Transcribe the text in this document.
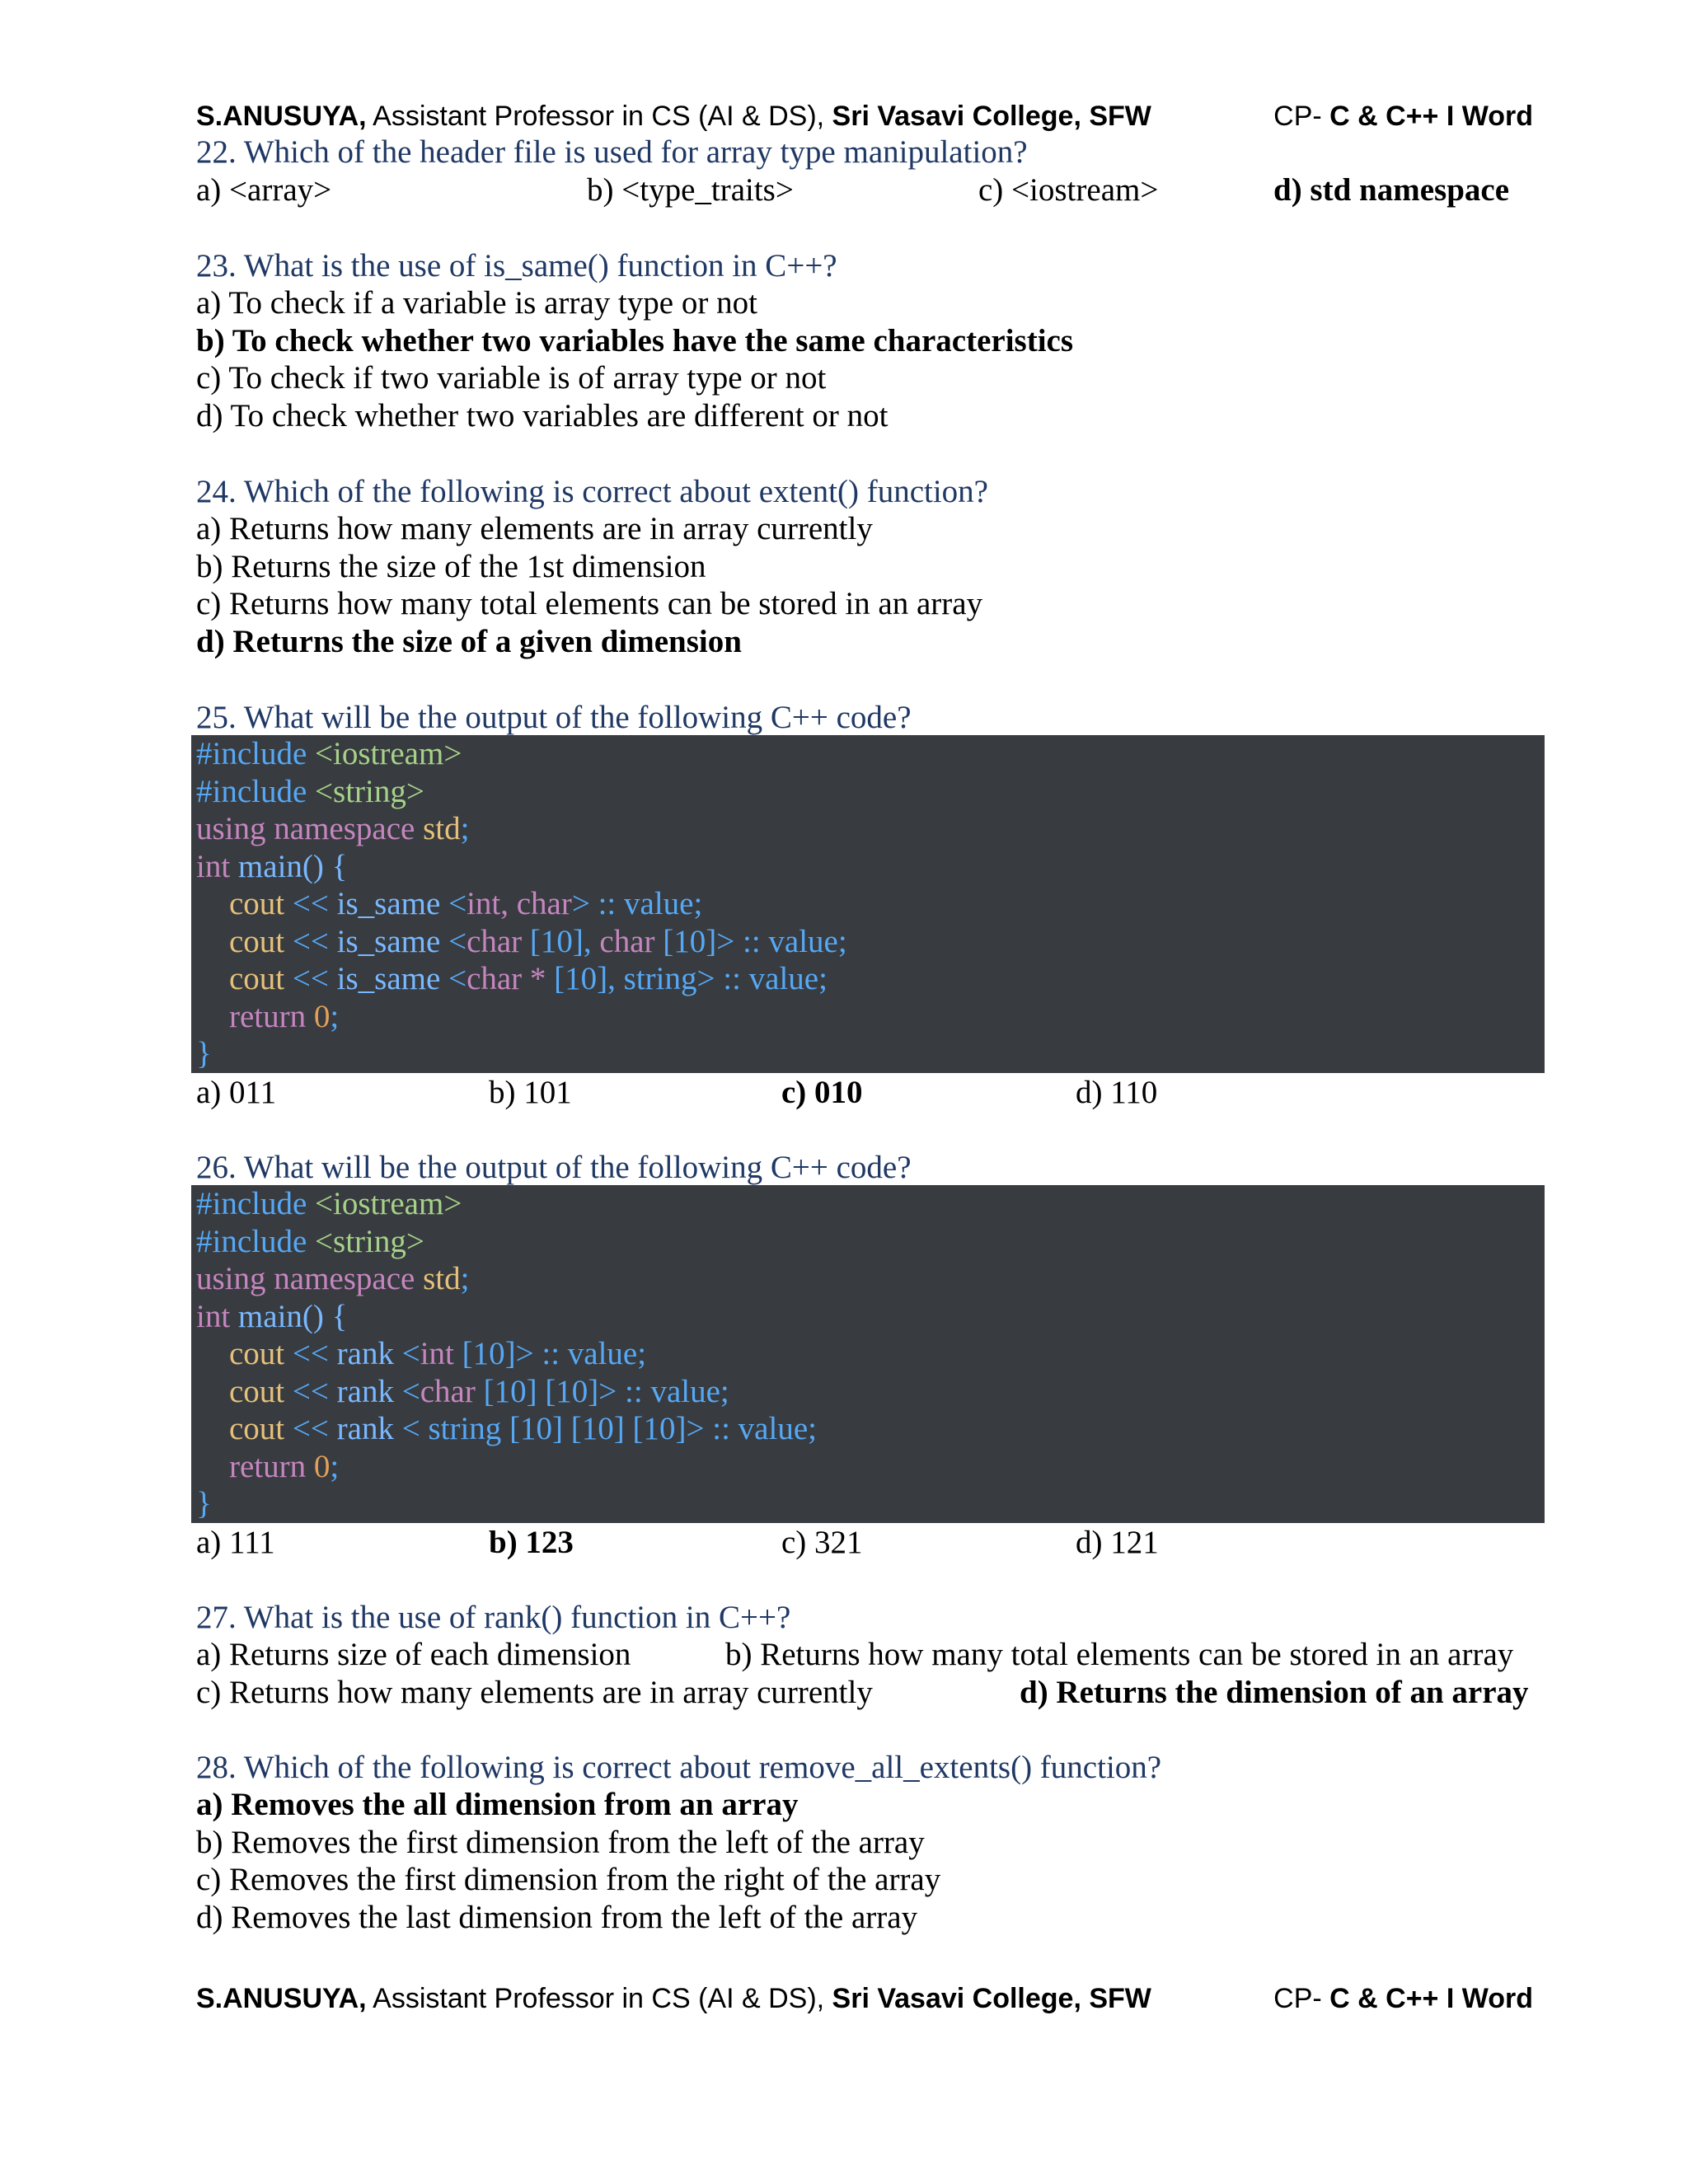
S.ANUSUYA, Assistant Professor in CS (AI & DS), Sri Vasavi College, SFW	CP- C & C++ I Word
22. Which of the header file is used for array type manipulation?
a) <array>	b) <type_traits>	c) <iostream>	d) std namespace
23. What is the use of is_same() function in C++?
a) To check if a variable is array type or not
b) To check whether two variables have the same characteristics
c) To check if two variable is of array type or not
d) To check whether two variables are different or not
24. Which of the following is correct about extent() function?
a) Returns how many elements are in array currently
b) Returns the size of the 1st dimension
c) Returns how many total elements can be stored in an array
d) Returns the size of a given dimension
25. What will be the output of the following C++ code?
#include <iostream>
#include <string>
using namespace std;
int main() {
cout << is_same <int, char> :: value;
cout << is_same <char [10], char [10]> :: value;
cout << is_same <char * [10], string> :: value;
return 0;
}
a) 011	b) 101	c) 010	d) 110
26. What will be the output of the following C++ code?
#include <iostream>
#include <string>
using namespace std;
int main() {
cout << rank <int [10]> :: value;
cout << rank <char [10] [10]> :: value;
cout << rank < string [10] [10] [10]> :: value;
return 0;
}
a) 111	b) 123	c) 321	d) 121
27. What is the use of rank() function in C++?
a) Returns size of each dimension	b) Returns how many total elements can be stored in an array
c) Returns how many elements are in array currently	d) Returns the dimension of an array
28. Which of the following is correct about remove_all_extents() function?
a) Removes the all dimension from an array
b) Removes the first dimension from the left of the array
c) Removes the first dimension from the right of the array
d) Removes the last dimension from the left of the array
S.ANUSUYA, Assistant Professor in CS (AI & DS), Sri Vasavi College, SFW	CP- C & C++ I Word
